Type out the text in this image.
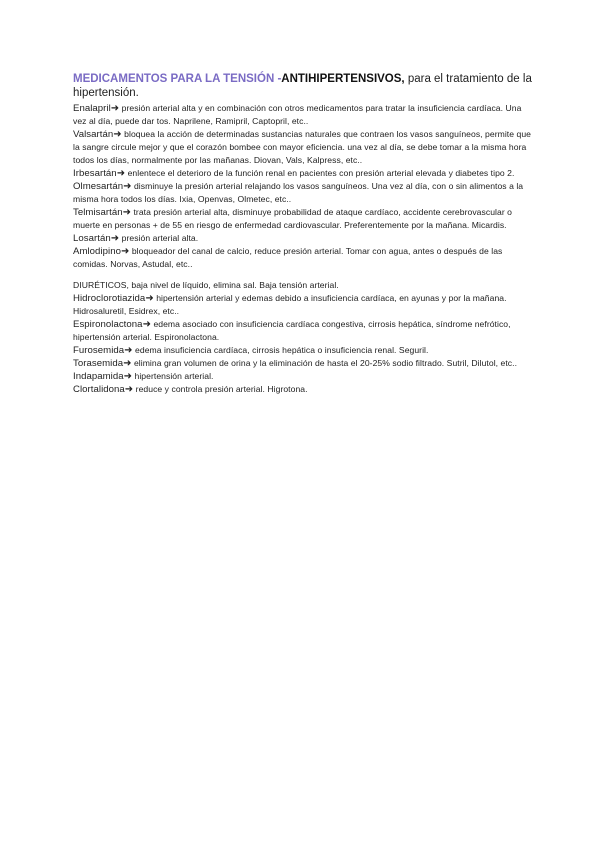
MEDICAMENTOS PARA LA TENSIÓN -ANTIHIPERTENSIVOS, para el tratamiento de la hipertensión.

Enalapril➜ presión arterial alta y en combinación con otros medicamentos para tratar la insuficiencia cardíaca. Una vez al día, puede dar tos. Naprilene, Ramipril, Captopril, etc..

Valsartán➜ bloquea la acción de determinadas sustancias naturales que contraen los vasos sanguíneos, permite que la sangre circule mejor y que el corazón bombee con mayor eficiencia. una vez al día, se debe tomar a la misma hora todos los días, normalmente por las mañanas. Diovan, Vals, Kalpress, etc..

Irbesartán➜ enlentece el deterioro de la función renal en pacientes con presión arterial elevada y diabetes tipo 2.

Olmesartán➜ disminuye la presión arterial relajando los vasos sanguíneos. Una vez al día, con o sin alimentos a la misma hora todos los días. Ixia, Openvas, Olmetec, etc..

Telmisartán➜ trata presión arterial alta, disminuye probabilidad de ataque cardíaco, accidente cerebrovascular o muerte en personas + de 55 en riesgo de enfermedad cardiovascular. Preferentemente por la mañana. Micardis.

Losartán➜ presión arterial alta.

Amlodipino➜ bloqueador del canal de calcio, reduce presión arterial. Tomar con agua, antes o después de las comidas. Norvas, Astudal, etc..

DIURÉTICOS, baja nivel de líquido, elimina sal. Baja tensión arterial.

Hidroclorotiazida➜ hipertensión arterial y edemas debido a insuficiencia cardíaca, en ayunas y por la mañana. Hidrosaluretil, Esidrex, etc..

Espironolactona➜ edema asociado con insuficiencia cardíaca congestiva, cirrosis hepática, síndrome nefrótico, hipertensión arterial. Espironolactona.

Furosemida➜ edema insuficiencia cardíaca, cirrosis hepática o insuficiencia renal. Seguril.

Torasemida➜ elimina gran volumen de orina y la eliminación de hasta el 20-25% sodio filtrado. Sutril, Dilutol, etc..

Indapamida➜ hipertensión arterial.

Clortalidona➜ reduce y controla presión arterial. Higrotona.
